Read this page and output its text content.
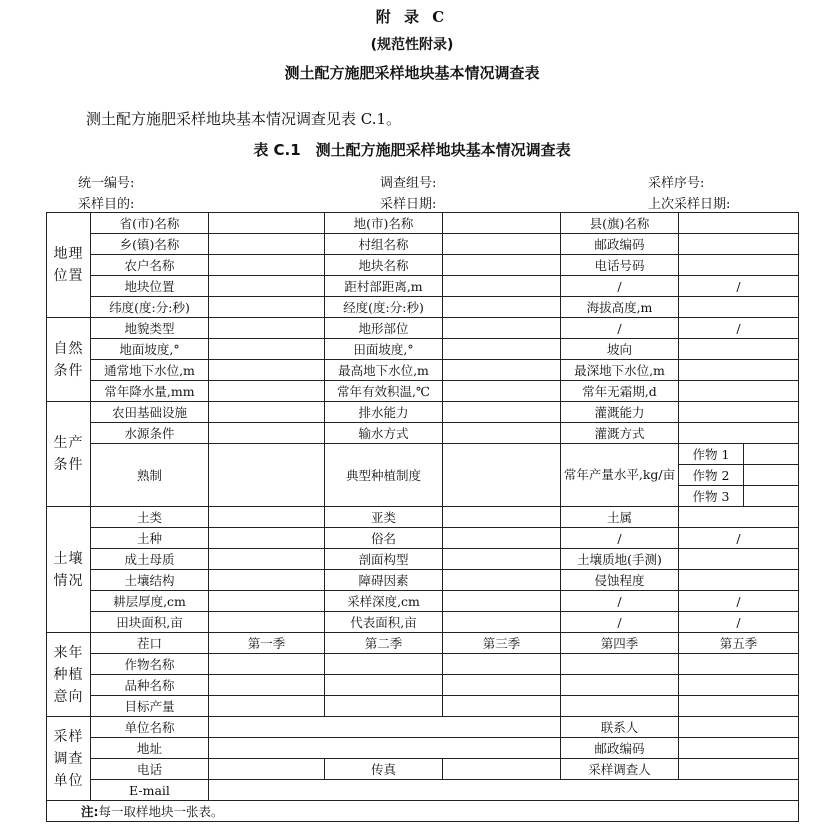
附 录 C
(规范性附录)
测土配方施肥采样地块基本情况调查表
测土配方施肥采样地块基本情况调查见表 C.1。
表 C.1　测土配方施肥采样地块基本情况调查表
统一编号:	调查组号:	采样序号:
采样目的:	采样日期:	上次采样日期:
地理位置	省(市)名称		地(市)名称		县(旗)名称	
乡(镇)名称		村组名称		邮政编码	
农户名称		地块名称		电话号码	
地块位置		距村部距离,m		/	/
纬度(度:分:秒)		经度(度:分:秒)		海拔高度,m	
自然条件	地貌类型		地形部位		/	/
地面坡度,°		田面坡度,°		坡向	
通常地下水位,m		最高地下水位,m		最深地下水位,m	
常年降水量,mm		常年有效积温,℃		常年无霜期,d	
生产条件	农田基础设施		排水能力		灌溉能力	
水源条件		输水方式		灌溉方式	
熟制		典型种植制度		常年产量水平,kg/亩	
作物 1	
作物 2	
作物 3	

土壤情况	土类		亚类		土属	
土种		俗名		/	/
成土母质		剖面构型		土壤质地(手测)	
土壤结构		障碍因素		侵蚀程度	
耕层厚度,cm		采样深度,cm		/	/
田块面积,亩		代表面积,亩		/	/
来年种植意向	茬口	第一季	第二季	第三季	第四季	第五季
作物名称					
品种名称					
目标产量					
采样调查单位	单位名称		联系人	
地址		邮政编码	
电话		传真		采样调查人	
E-mail	
注:每一取样地块一张表。
